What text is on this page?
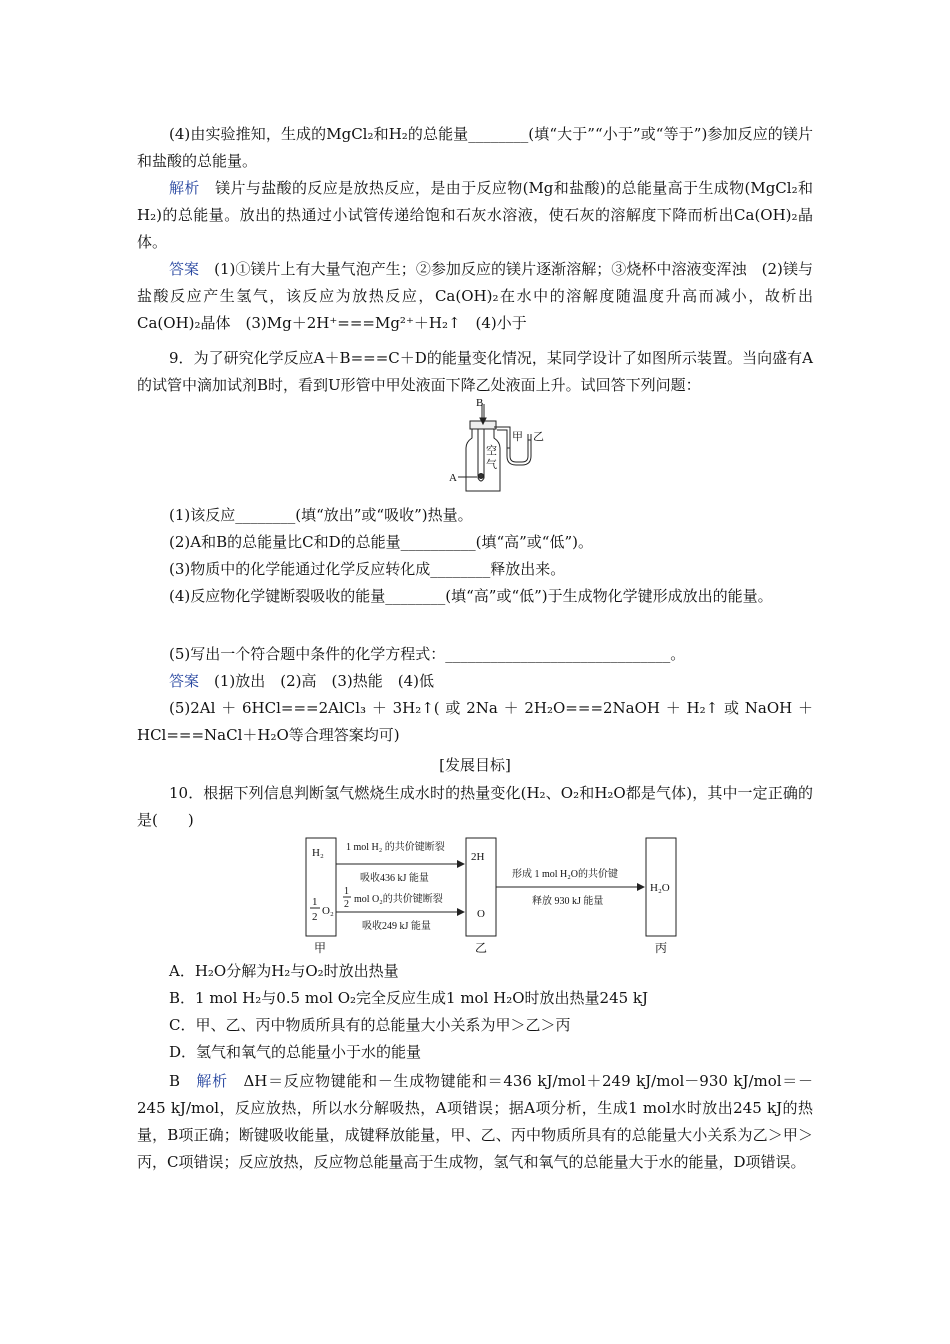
(4)由实验推知，生成的MgCl₂和H₂的总能量________(填“大于”“小于”或“等于”)参加反应的镁片和盐酸的总能量。
解析　 镁片与盐酸的反应是放热反应，是由于反应物(Mg和盐酸)的总能量高于生成物(MgCl₂和H₂)的总能量。放出的热通过小试管传递给饱和石灰水溶液，使石灰的溶解度下降而析出Ca(OH)₂晶体。
答案　 (1)①镁片上有大量气泡产生；②参加反应的镁片逐渐溶解；③烧杯中溶液变浑浊　(2)镁与盐酸反应产生氢气，该反应为放热反应，Ca(OH)₂在水中的溶解度随温度升高而减小，故析出Ca(OH)₂晶体　(3)Mg＋2H⁺===Mg²⁺＋H₂↑　(4)小于
9．为了研究化学反应A＋B===C＋D的能量变化情况，某同学设计了如图所示装置。当向盛有A的试管中滴加试剂B时，看到U形管中甲处液面下降乙处液面上升。试回答下列问题：
B
A
甲 乙
空
气
(1)该反应________(填“放出”或“吸收”)热量。
(2)A和B的总能量比C和D的总能量__________(填“高”或“低”)。
(3)物质中的化学能通过化学反应转化成________释放出来。
(4)反应物化学键断裂吸收的能量________(填“高”或“低”)于生成物化学键形成放出的能量。
(5)写出一个符合题中条件的化学方程式：______________________________。
答案　 (1)放出　(2)高　(3)热能　(4)低
(5)2Al＋6HCl===2AlCl₃＋3H₂↑(或2Na＋2H₂O===2NaOH＋H₂↑或NaOH＋HCl===NaCl＋H₂O等合理答案均可)
[发展目标]
10．根据下列信息判断氢气燃烧生成水时的热量变化(H₂、O₂和H₂O都是气体)，其中一定正确的是(　　)
H₂
1
2 O₂
1 mol H₂ 的共价键断裂
吸收436 kJ 能量
1
2 mol O₂的共价键断裂
吸收249 kJ 能量
2H
O
形成 1 mol H₂O的共价键
释放 930 kJ 能量
H₂O
甲	乙	丙
A．H₂O分解为H₂与O₂时放出热量
B．1 mol H₂与0.5 mol O₂完全反应生成1 mol H₂O时放出热量245 kJ
C．甲、乙、丙中物质所具有的总能量大小关系为甲＞乙＞丙
D．氢气和氧气的总能量小于水的能量
B　 解析　 ΔH＝反应物键能和－生成物键能和＝436 kJ/mol＋249 kJ/mol－930 kJ/mol＝－245 kJ/mol，反应放热，所以水分解吸热，A项错误；据A项分析，生成1 mol水时放出245 kJ的热量，B项正确；断键吸收能量，成键释放能量，甲、乙、丙中物质所具有的总能量大小关系为乙＞甲＞丙，C项错误；反应放热，反应物总能量高于生成物，氢气和氧气的总能量大于水的能量，D项错误。
